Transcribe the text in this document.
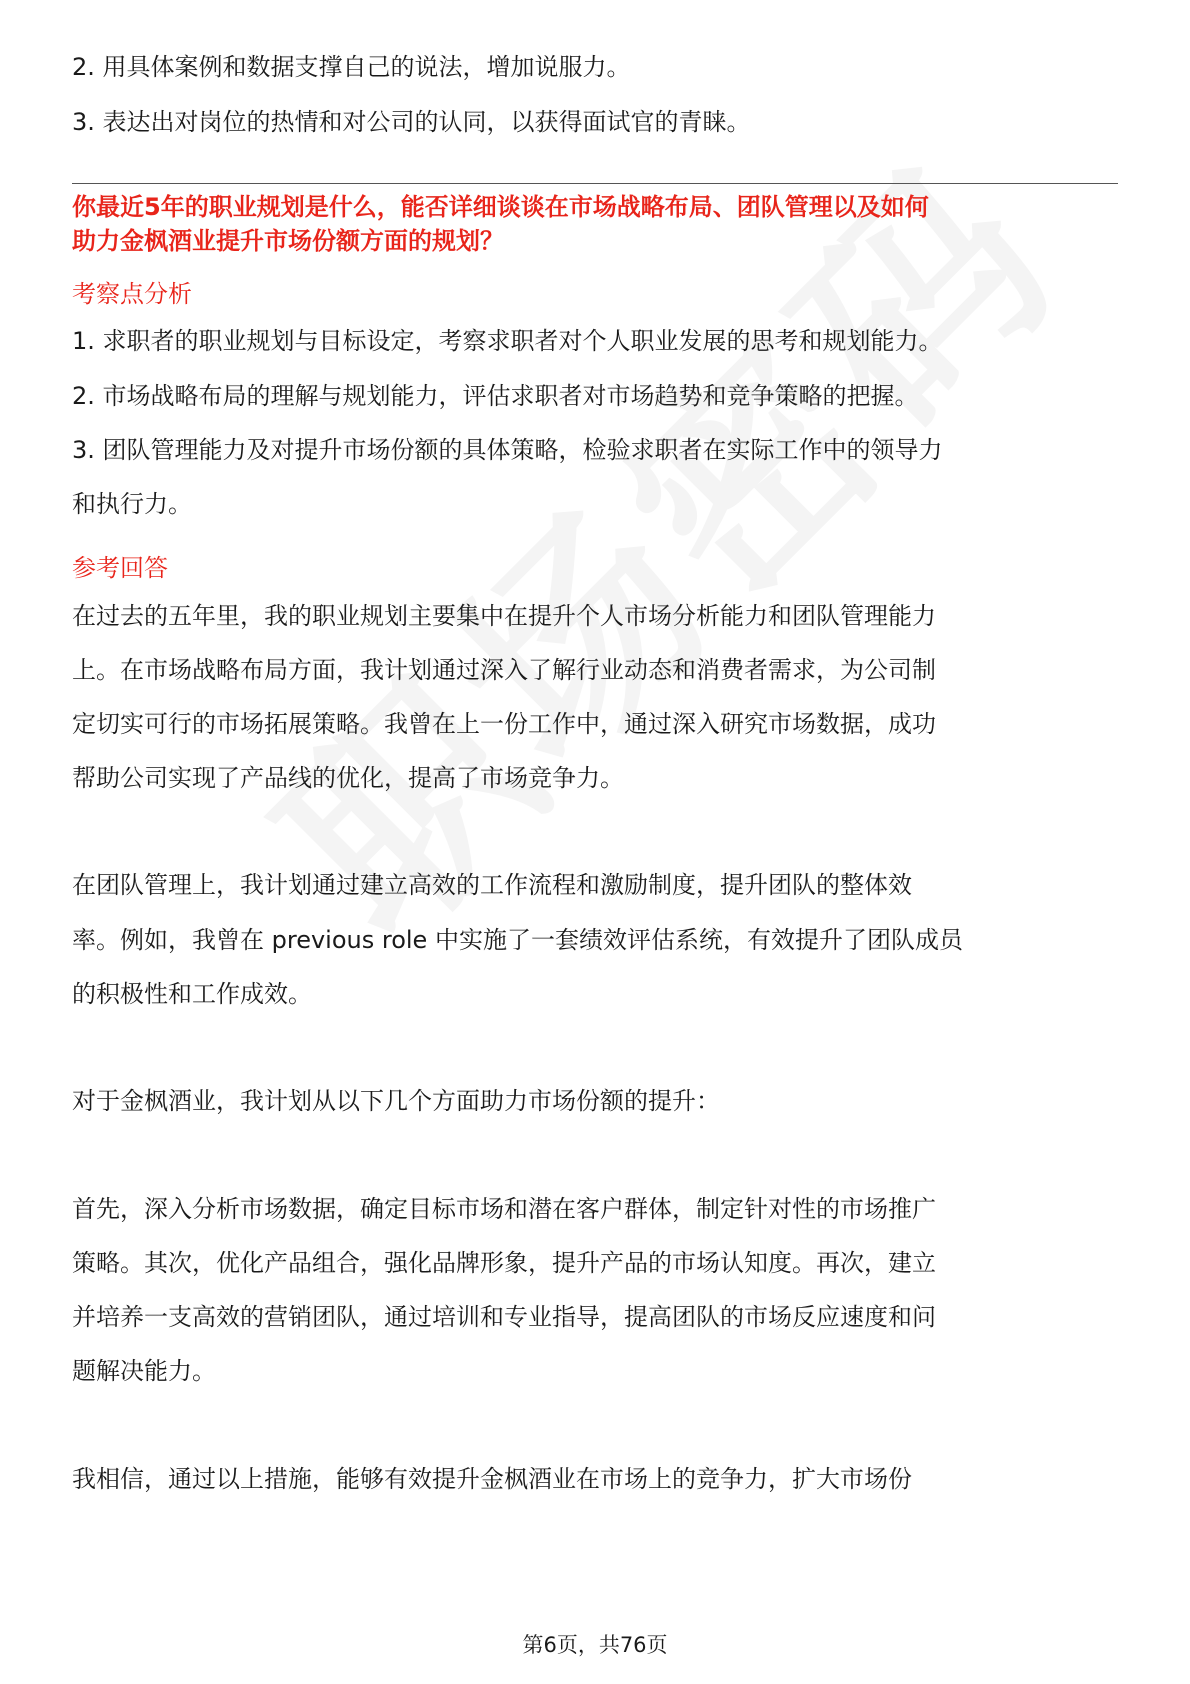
2. 用具体案例和数据支撑自己的说法，增加说服力。
3. 表达出对岗位的热情和对公司的认同，以获得面试官的青睐。
你最近5年的职业规划是什么，能否详细谈谈在市场战略布局、团队管理以及如何
助力金枫酒业提升市场份额方面的规划？
考察点分析
1. 求职者的职业规划与目标设定，考察求职者对个人职业发展的思考和规划能力。
2. 市场战略布局的理解与规划能力，评估求职者对市场趋势和竞争策略的把握。
3. 团队管理能力及对提升市场份额的具体策略，检验求职者在实际工作中的领导力
和执行力。
参考回答
在过去的五年里，我的职业规划主要集中在提升个人市场分析能力和团队管理能力
上。在市场战略布局方面，我计划通过深入了解行业动态和消费者需求，为公司制
定切实可行的市场拓展策略。我曾在上一份工作中，通过深入研究市场数据，成功
帮助公司实现了产品线的优化，提高了市场竞争力。
在团队管理上，我计划通过建立高效的工作流程和激励制度，提升团队的整体效
率。例如，我曾在 previous role 中实施了一套绩效评估系统，有效提升了团队成员
的积极性和工作成效。
对于金枫酒业，我计划从以下几个方面助力市场份额的提升：
首先，深入分析市场数据，确定目标市场和潜在客户群体，制定针对性的市场推广
策略。其次，优化产品组合，强化品牌形象，提升产品的市场认知度。再次，建立
并培养一支高效的营销团队，通过培训和专业指导，提高团队的市场反应速度和问
题解决能力。
我相信，通过以上措施，能够有效提升金枫酒业在市场上的竞争力，扩大市场份
第6页，共76页
